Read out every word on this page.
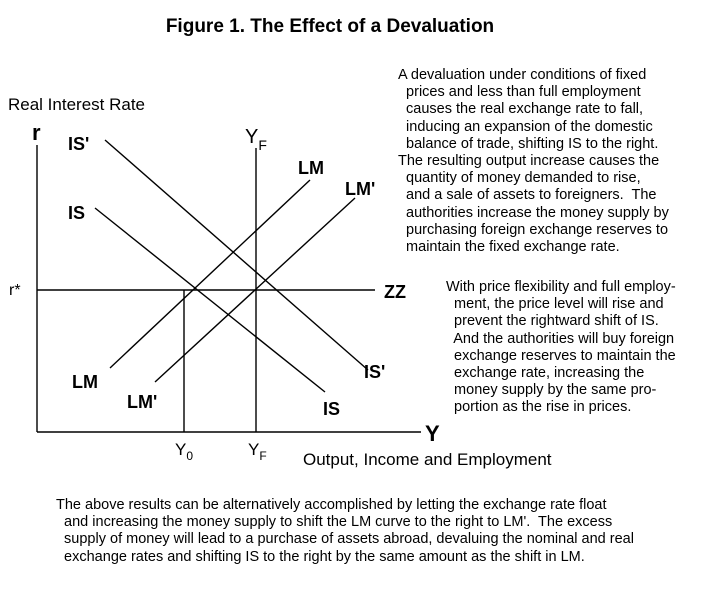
Figure 1. The Effect of a Devaluation
Real Interest Rate
Output, Income and Employment
r
Y
r*	ZZ
$Y_F$
$Y_0$	$Y_F$
IS'
IS
LM
LM'
LM
LM'
IS'
IS
A devaluation under conditions of fixed
prices and less than full employment
causes the real exchange rate to fall,
inducing an expansion of the domestic
balance of trade, shifting IS to the right.
The resulting output increase causes the
quantity of money demanded to rise,
and a sale of assets to foreigners.  The
authorities increase the money supply by
purchasing foreign exchange reserves to
maintain the fixed exchange rate.
With price flexibility and full employ-
ment, the price level will rise and
prevent the rightward shift of IS.
And the authorities will buy foreign
exchange reserves to maintain the
exchange rate, increasing the
money supply by the same pro-
portion as the rise in prices.
The above results can be alternatively accomplished by letting the exchange rate float
and increasing the money supply to shift the LM curve to the right to LM'.  The excess
supply of money will lead to a purchase of assets abroad, devaluing the nominal and real
exchange rates and shifting IS to the right by the same amount as the shift in LM.
